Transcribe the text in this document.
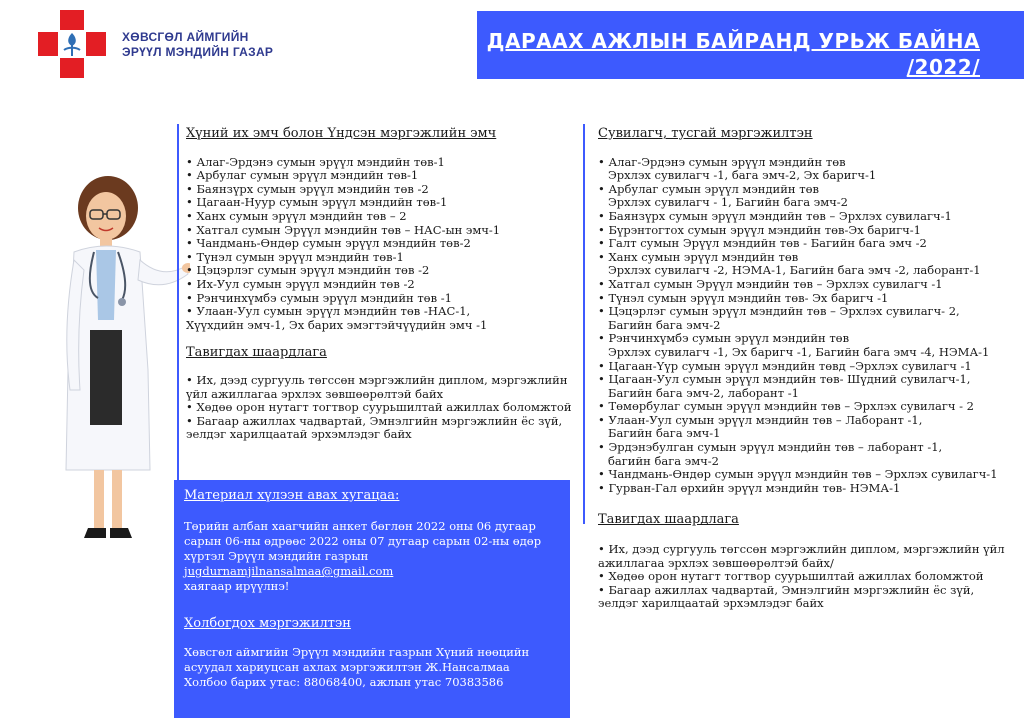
ХӨВСГӨЛ АЙМГИЙН
ЭРҮҮЛ МЭНДИЙН ГАЗАР	ДАРААХ АЖЛЫН БАЙРАНД УРЬЖ БАЙНА
/2022/
Хүний их эмч болон Үндсэн мэргэжлийн эмч
• Алаг-Эрдэнэ сумын эрүүл мэндийн төв-1
• Арбулаг сумын эрүүл мэндийн төв-1
• Баянзүрх сумын эрүүл мэндийн төв -2
• Цагаан-Нуур сумын эрүүл мэндийн төв-1
• Ханх сумын эрүүл мэндийн төв – 2
• Хатгал сумын Эрүүл мэндийн төв – НАС-ын эмч-1
• Чандмань-Өндөр сумын эрүүл мэндийн төв-2
• Түнэл сумын эрүүл мэндийн төв-1
• Цэцэрлэг сумын эрүүл мэндийн төв -2
• Их-Уул сумын эрүүл мэндийн төв -2
• Рэнчинхүмбэ сумын эрүүл мэндийн төв -1
• Улаан-Уул сумын эрүүл мэндийн төв -НАС-1,
Хүүхдийн эмч-1, Эх барих эмэгтэйчүүдийн эмч -1
Тавигдах шаардлага
• Их, дээд сургууль төгссөн мэргэжлийн диплом, мэргэжлийн
үйл ажиллагаа эрхлэх зөвшөөрөлтэй байх
• Хөдөө орон нутагт тогтвор суурьшилтай ажиллах боломжтой
• Багаар ажиллах чадвартай, Эмнэлгийн мэргэжлийн ёс зүй,
эелдэг харилцаатай эрхэмлэдэг байх
Материал хүлээн авах хугацаа:
Төрийн албан хаагчийн анкет бөглөн 2022 оны 06 дугаар
сарын 06-ны өдрөөс 2022 оны 07 дугаар сарын 02-ны өдөр
хүртэл Эрүүл мэндийн газрын
jugdurnamjilnansalmaa@gmail.com
хаягаар ирүүлнэ!
Холбогдох мэргэжилтэн
Хөвсгөл аймгийн Эрүүл мэндийн газрын Хүний нөөцийн
асуудал хариуцсан ахлах мэргэжилтэн Ж.Нансалмаа
Холбоо барих утас: 88068400, ажлын утас 70383586
Сувилагч, тусгай мэргэжилтэн
• Алаг-Эрдэнэ сумын эрүүл мэндийн төв
Эрхлэх сувилагч -1, бага эмч-2, Эх баригч-1
• Арбулаг сумын эрүүл мэндийн төв
Эрхлэх сувилагч - 1, Багийн бага эмч-2
• Баянзүрх сумын эрүүл мэндийн төв – Эрхлэх сувилагч-1
• Бүрэнтогтох сумын эрүүл мэндийн төв-Эх баригч-1
• Галт сумын Эрүүл мэндийн төв - Багийн бага эмч -2
• Ханх сумын эрүүл мэндийн төв
Эрхлэх сувилагч -2, НЭМА-1, Багийн бага эмч -2, лаборант-1
• Хатгал сумын Эрүүл мэндийн төв – Эрхлэх сувилагч -1
• Түнэл сумын эрүүл мэндийн төв- Эх баригч -1
• Цэцэрлэг сумын эрүүл мэндийн төв – Эрхлэх сувилагч- 2,
Багийн бага эмч-2
• Рэнчинхүмбэ сумын эрүүл мэндийн төв
Эрхлэх сувилагч -1, Эх баригч -1, Багийн бага эмч -4, НЭМА-1
• Цагаан-Үүр сумын эрүүл мэндийн төвд –Эрхлэх сувилагч -1
• Цагаан-Уул сумын эрүүл мэндийн төв- Шүдний сувилагч-1,
Багийн бага эмч-2, лаборант -1
• Төмөрбулаг сумын эрүүл мэндийн төв – Эрхлэх сувилагч - 2
• Улаан-Уул сумын эрүүл мэндийн төв – Лаборант -1,
Багийн бага эмч-1
• Эрдэнэбулган сумын эрүүл мэндийн төв – лаборант -1,
багийн бага эмч-2
• Чандмань-Өндөр сумын эрүүл мэндийн төв – Эрхлэх сувилагч-1
• Гурван-Гал өрхийн эрүүл мэндийн төв- НЭМА-1
Тавигдах шаардлага
• Их, дээд сургууль төгссөн мэргэжлийн диплом, мэргэжлийн үйл
ажиллагаа эрхлэх зөвшөөрөлтэй байх/
• Хөдөө орон нутагт тогтвор суурьшилтай ажиллах боломжтой
• Багаар ажиллах чадвартай, Эмнэлгийн мэргэжлийн ёс зүй,
эелдэг харилцаатай эрхэмлэдэг байх
